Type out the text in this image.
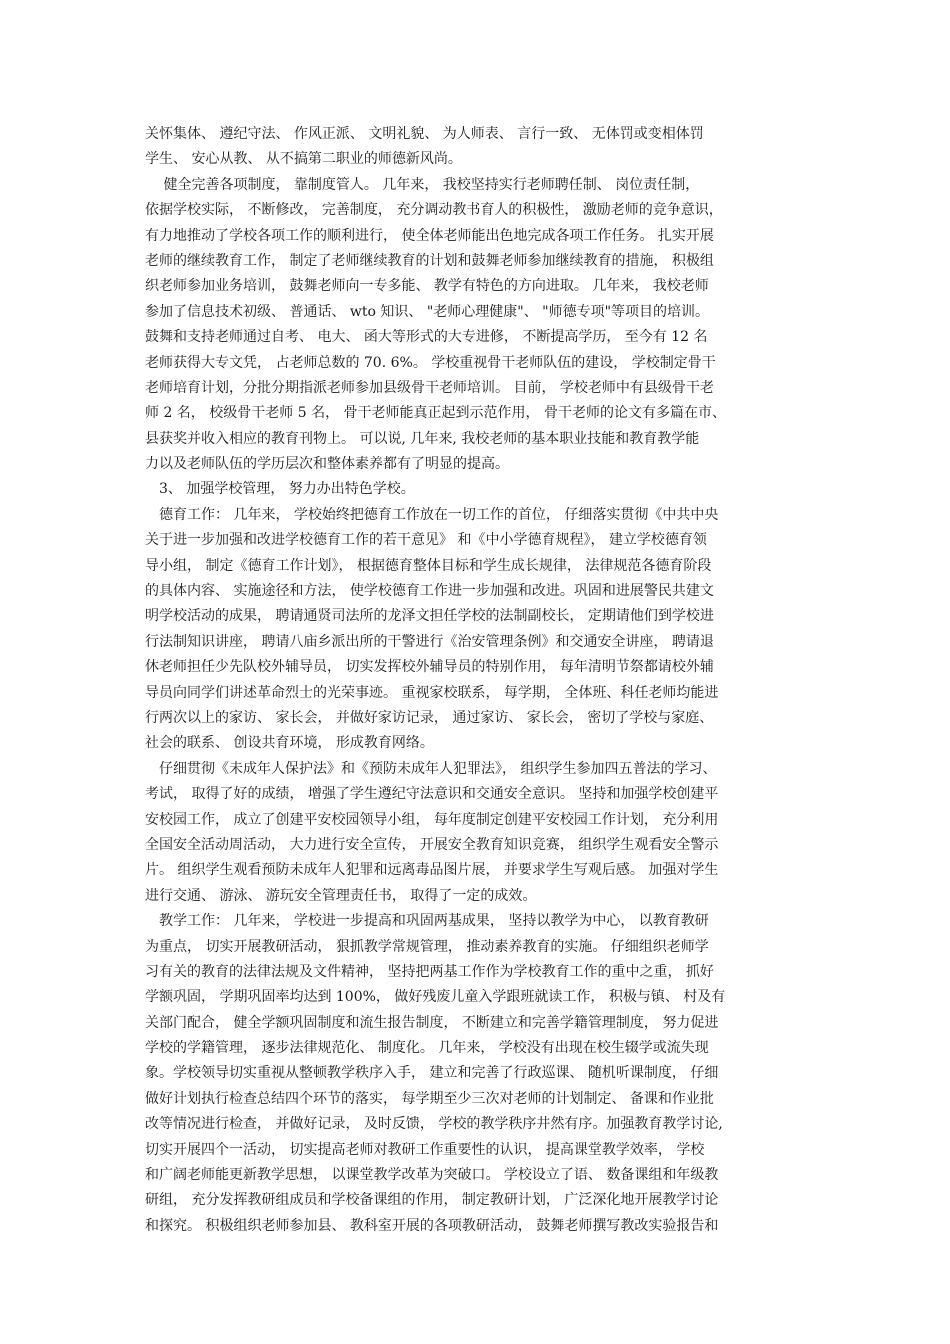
关怀集体、 遵纪守法、 作风正派、 文明礼貌、 为人师表、 言行一致、 无体罚或变相体罚
学生、 安心从教、 从不搞第二职业的师德新风尚。
　 健全完善各项制度， 靠制度管人。 几年来， 我校坚持实行老师聘任制、 岗位责任制，
依据学校实际， 不断修改， 完善制度， 充分调动教书育人的积极性， 激励老师的竞争意识，
有力地推动了学校各项工作的顺利进行， 使全体老师能出色地完成各项工作任务。 扎实开展
老师的继续教育工作， 制定了老师继续教育的计划和鼓舞老师参加继续教育的措施， 积极组
织老师参加业务培训， 鼓舞老师向一专多能、 教学有特色的方向进取。 几年来， 我校老师
参加了信息技术初级、 普通话、 wto 知识、 "老师心理健康"、 "师德专项"等项目的培训。
鼓舞和支持老师通过自考、 电大、 函大等形式的大专进修， 不断提高学历， 至今有 12 名
老师获得大专文凭， 占老师总数的 70. 6%。 学校重视骨干老师队伍的建设， 学校制定骨干
老师培育计划，分批分期指派老师参加县级骨干老师培训。 目前， 学校老师中有县级骨干老
师 2 名， 校级骨干老师 5 名， 骨干老师能真正起到示范作用， 骨干老师的论文有多篇在市、
县获奖并收入相应的教育刊物上。 可以说, 几年来, 我校老师的基本职业技能和教育教学能
力以及老师队伍的学历层次和整体素养都有了明显的提高。
　3、 加强学校管理， 努力办出特色学校。
　德育工作： 几年来， 学校始终把德育工作放在一切工作的首位， 仔细落实贯彻《中共中央
关于进一步加强和改进学校德育工作的若干意见》 和《中小学德育规程》， 建立学校德育领
导小组， 制定《德育工作计划》， 根据德育整体目标和学生成长规律， 法律规范各德育阶段
的具体内容、 实施途径和方法， 使学校德育工作进一步加强和改进。巩固和进展警民共建文
明学校活动的成果， 聘请通贤司法所的龙泽文担任学校的法制副校长， 定期请他们到学校进
行法制知识讲座， 聘请八庙乡派出所的干警进行《治安管理条例》和交通安全讲座， 聘请退
休老师担任少先队校外辅导员， 切实发挥校外辅导员的特别作用， 每年清明节祭都请校外辅
导员向同学们讲述革命烈士的光荣事迹。 重视家校联系， 每学期， 全体班、科任老师均能进
行两次以上的家访、 家长会， 并做好家访记录， 通过家访、 家长会， 密切了学校与家庭、
社会的联系、 创设共育环境， 形成教育网络。
　仔细贯彻《未成年人保护法》和《预防未成年人犯罪法》， 组织学生参加四五普法的学习、
考试， 取得了好的成绩， 增强了学生遵纪守法意识和交通安全意识。 坚持和加强学校创建平
安校园工作， 成立了创建平安校园领导小组， 每年度制定创建平安校园工作计划， 充分利用
全国安全活动周活动， 大力进行安全宣传， 开展安全教育知识竞赛， 组织学生观看安全警示
片。 组织学生观看预防未成年人犯罪和远离毒品图片展， 并要求学生写观后感。 加强对学生
进行交通、 游泳、 游玩安全管理责任书， 取得了一定的成效。
　教学工作： 几年来， 学校进一步提高和巩固两基成果， 坚持以教学为中心， 以教育教研
为重点， 切实开展教研活动， 狠抓教学常规管理， 推动素养教育的实施。 仔细组织老师学
习有关的教育的法律法规及文件精神， 坚持把两基工作作为学校教育工作的重中之重， 抓好
学额巩固， 学期巩固率均达到 100%， 做好残废儿童入学跟班就读工作， 积极与镇、 村及有
关部门配合， 健全学额巩固制度和流生报告制度， 不断建立和完善学籍管理制度， 努力促进
学校的学籍管理， 逐步法律规范化、 制度化。 几年来， 学校没有出现在校生辍学或流失现
象。学校领导切实重视从整顿教学秩序入手， 建立和完善了行政巡课、 随机听课制度， 仔细
做好计划执行检查总结四个环节的落实， 每学期至少三次对老师的计划制定、 备课和作业批
改等情况进行检查， 并做好记录， 及时反馈， 学校的教学秩序井然有序。加强教育教学讨论,
切实开展四个一活动， 切实提高老师对教研工作重要性的认识， 提高课堂教学效率， 学校
和广阔老师能更新教学思想， 以课堂教学改革为突破口。 学校设立了语、 数备课组和年级教
研组， 充分发挥教研组成员和学校备课组的作用， 制定教研计划， 广泛深化地开展教学讨论
和探究。 积极组织老师参加县、 教科室开展的各项教研活动， 鼓舞老师撰写教改实验报告和
